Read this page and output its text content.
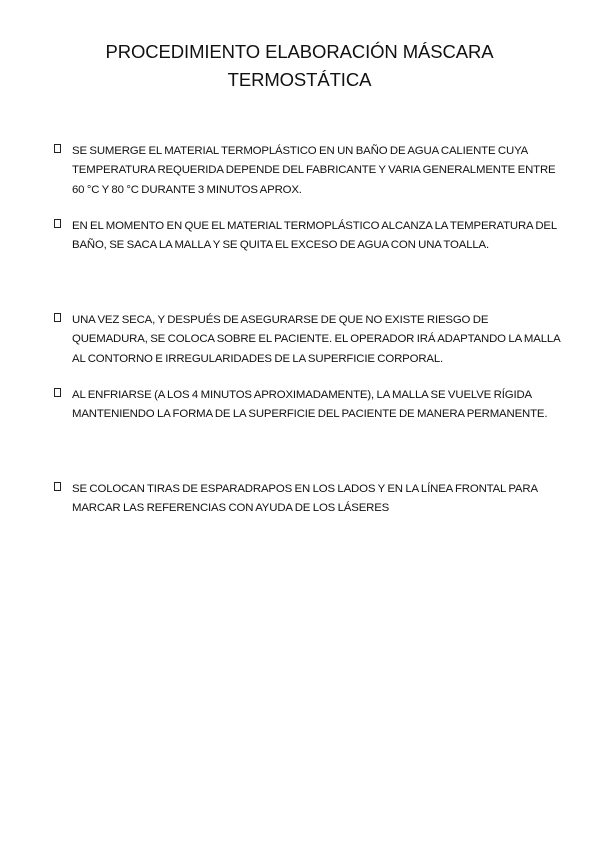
PROCEDIMIENTO ELABORACIÓN MÁSCARA
TERMOSTÁTICA
SE SUMERGE EL MATERIAL TERMOPLÁSTICO EN UN BAÑO DE AGUA CALIENTE CUYA TEMPERATURA REQUERIDA DEPENDE DEL FABRICANTE Y VARIA GENERALMENTE ENTRE 60 °C Y 80 °C DURANTE 3 MINUTOS APROX.
EN EL MOMENTO EN QUE EL MATERIAL TERMOPLÁSTICO ALCANZA LA TEMPERATURA DEL BAÑO, SE SACA LA MALLA Y SE QUITA EL EXCESO DE AGUA CON UNA TOALLA.
UNA VEZ SECA, Y DESPUÉS DE ASEGURARSE DE QUE NO EXISTE RIESGO DE QUEMADURA, SE COLOCA SOBRE EL PACIENTE. EL OPERADOR IRÁ ADAPTANDO LA MALLA AL CONTORNO E IRREGULARIDADES DE LA SUPERFICIE CORPORAL.
AL ENFRIARSE (A LOS 4 MINUTOS APROXIMADAMENTE), LA MALLA SE VUELVE RÍGIDA MANTENIENDO LA FORMA DE LA SUPERFICIE DEL PACIENTE DE MANERA PERMANENTE.
SE COLOCAN TIRAS DE ESPARADRAPOS EN LOS LADOS Y EN LA LÍNEA FRONTAL PARA MARCAR LAS REFERENCIAS CON AYUDA DE LOS LÁSERES
